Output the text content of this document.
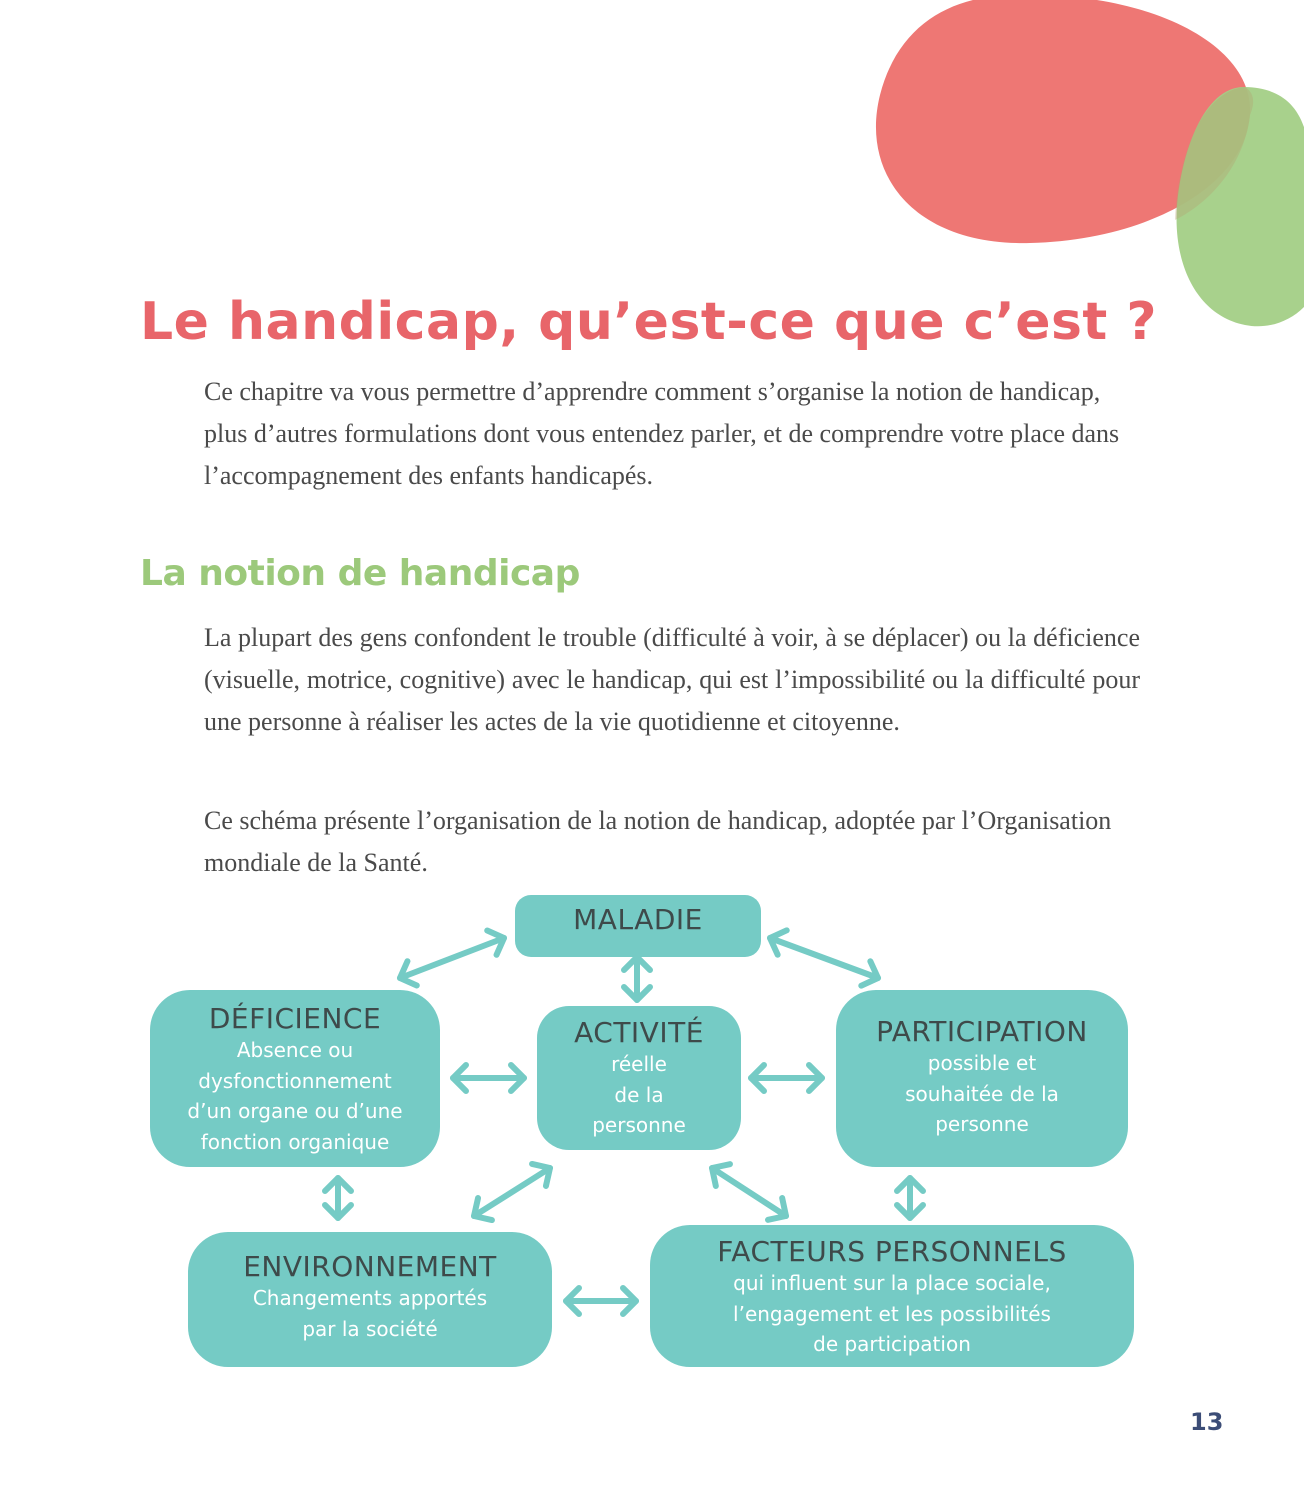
Le handicap, qu’est-ce que c’est ?

Ce chapitre va vous permettre d’apprendre comment s’organise la notion de handicap, plus d’autres formulations dont vous entendez parler, et de comprendre votre place dans l’accompagnement des enfants handicapés.

La notion de handicap

La plupart des gens confondent le trouble (difficulté à voir, à se déplacer) ou la déficience (visuelle, motrice, cognitive) avec le handicap, qui est l’impossibilité ou la difficulté pour une personne à réaliser les actes de la vie quotidienne et citoyenne.

Ce schéma présente l’organisation de la notion de handicap, adoptée par l’Organisation mondiale de la Santé.

MALADIE
DÉFICIENCE
Absence ou
dysfonctionnement
d’un organe ou d’une
fonction organique
ACTIVITÉ
réelle
de la
personne
PARTICIPATION
possible et
souhaitée de la
personne
ENVIRONNEMENT
Changements apportés
par la société
FACTEURS PERSONNELS
qui influent sur la place sociale,
l’engagement et les possibilités
de participation
13
